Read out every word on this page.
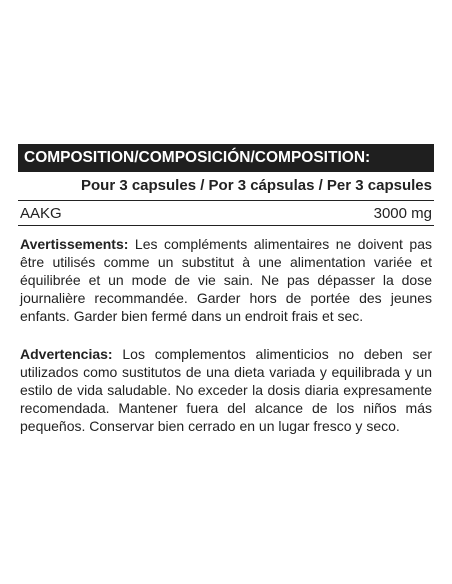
COMPOSITION/COMPOSICIÓN/COMPOSITION:
Pour 3 capsules / Por 3 cápsulas / Per 3 capsules
AAKG	3000 mg

Avertissements: Les compléments alimentaires ne doivent pas être utilisés comme un substitut à une alimentation variée et équilibrée et un mode de vie sain. Ne pas dépasser la dose journalière recommandée. Garder hors de portée des jeunes enfants. Garder bien fermé dans un endroit frais et sec.

Advertencias: Los complementos alimenticios no deben ser utilizados como sustitutos de una dieta variada y equilibrada y un estilo de vida saludable. No exceder la dosis diaria expresamente recomendada. Mantener fuera del alcance de los niños más pequeños. Conservar bien cerrado en un lugar fresco y seco.
